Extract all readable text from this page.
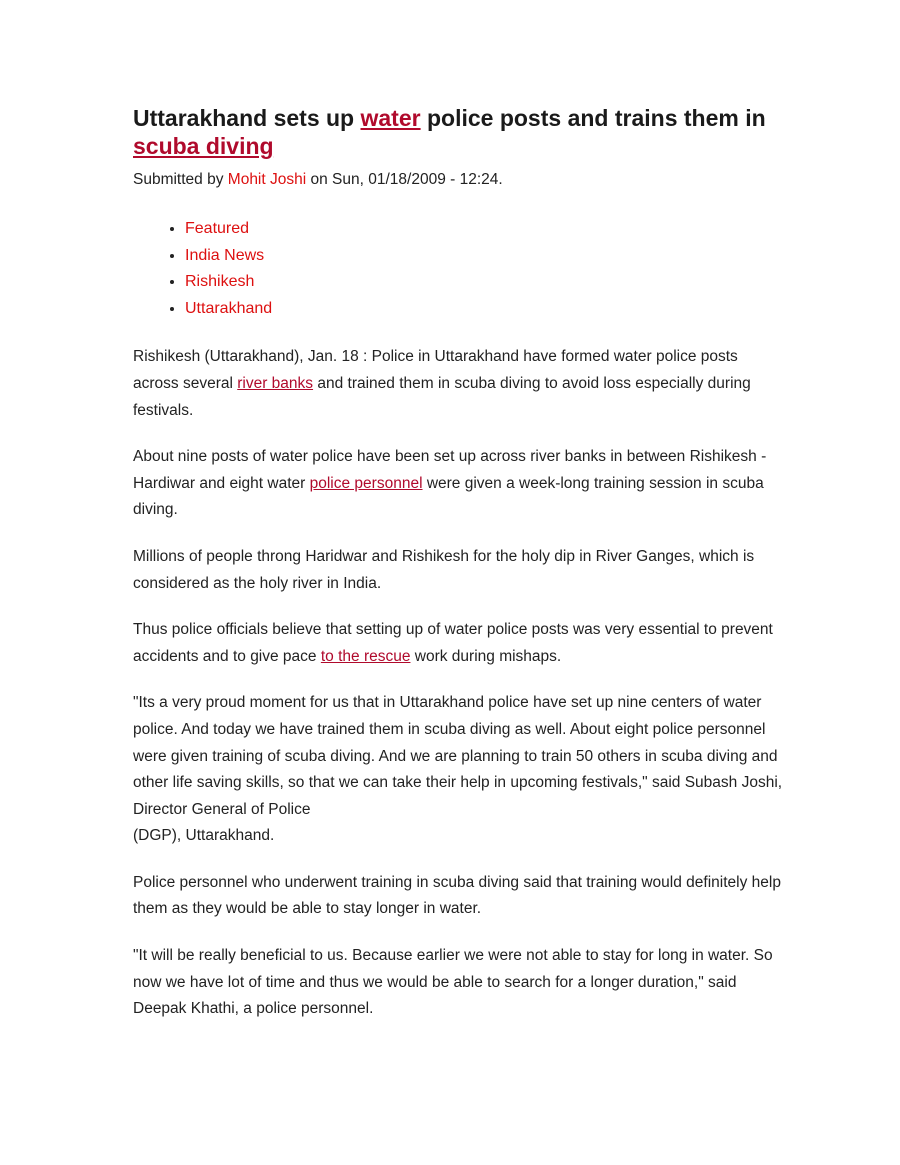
Uttarakhand sets up water police posts and trains them in scuba diving
Submitted by Mohit Joshi on Sun, 01/18/2009 - 12:24.
• Featured
• India News
• Rishikesh
• Uttarakhand

Rishikesh (Uttarakhand), Jan. 18 : Police in Uttarakhand have formed water police posts across several river banks and trained them in scuba diving to avoid loss especially during festivals.

About nine posts of water police have been set up across river banks in between Rishikesh - Hardiwar and eight water police personnel were given a week-long training session in scuba diving.

Millions of people throng Haridwar and Rishikesh for the holy dip in River Ganges, which is considered as the holy river in India.

Thus police officials believe that setting up of water police posts was very essential to prevent accidents and to give pace to the rescue work during mishaps.

"Its a very proud moment for us that in Uttarakhand police have set up nine centers of water police. And today we have trained them in scuba diving as well. About eight police personnel were given training of scuba diving. And we are planning to train 50 others in scuba diving and other life saving skills, so that we can take their help in upcoming festivals," said Subash Joshi, Director General of Police
(DGP), Uttarakhand.

Police personnel who underwent training in scuba diving said that training would definitely help them as they would be able to stay longer in water.

"It will be really beneficial to us. Because earlier we were not able to stay for long in water. So now we have lot of time and thus we would be able to search for a longer duration," said Deepak Khathi, a police personnel.
